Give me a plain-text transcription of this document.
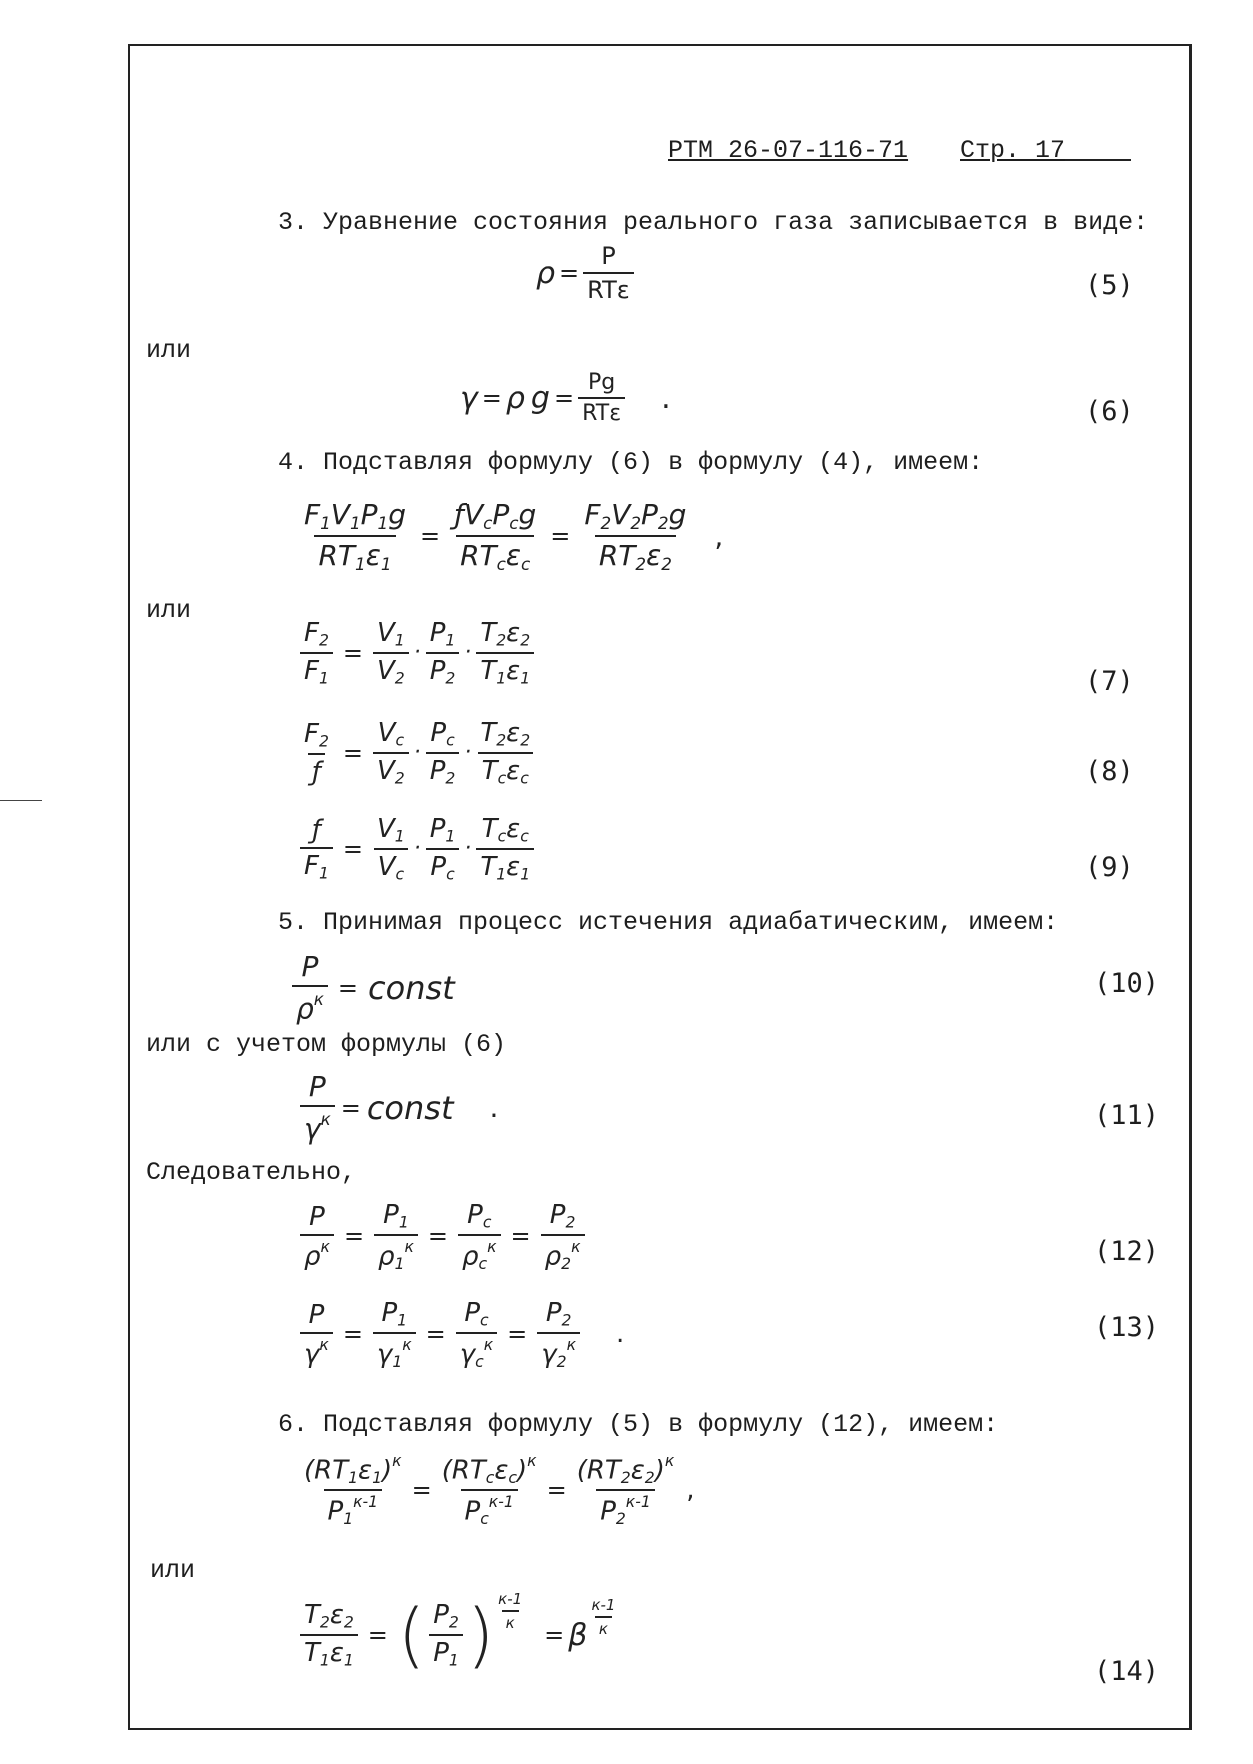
РТМ 26-07-116-71 Стр. 17
3. Уравнение состояния реального газа записывается в виде:
$\rho = \frac{P}{\text{RTε}}$	(5)
или
γ = ρ $g = \frac{Pg}{\text{RTε}}$ .	(6)
4. Подставляя формулу (6) в формулу (4), имеем:
$\frac{F_1V_1P_1g}{RT_1\varepsilon_1} = \frac{ƒV_cP_cg}{RT_c\varepsilon_c} = \frac{F_2V_2P_2g}{RT_2\varepsilon_2}$ ,
или
$\frac{F_2}{F_1} = \frac{V_1}{V_2} \cdot \frac{P_1}{P_2} \cdot \frac{T_2\varepsilon_2}{T_1\varepsilon_1}$	(7)
$\frac{F_2}{ƒ} = \frac{V_c}{V_2} \cdot \frac{P_c}{P_2} \cdot \frac{T_2\varepsilon_2}{T_c\varepsilon_c}$	(8)
$\frac{ƒ}{F_1} = \frac{V_1}{V_c} \cdot \frac{P_1}{P_c} \cdot \frac{T_c\varepsilon_c}{T_1\varepsilon_1}$	(9)
5. Принимая процесс истечения адиабатическим, имеем:
$\frac{P}{\rho^к}$ = const	(10)
или с учетом формулы (6)
$\frac{P}{\gamma^к}$ = const .	(11)
Следовательно,
$\frac{P}{\rho^к} = \frac{P_1}{\rho_1^к} = \frac{P_c}{\rho_c^к} = \frac{P_2}{\rho_2^к}$	(12)
$\frac{P}{\gamma^к} = \frac{P_1}{\gamma_1^к} = \frac{P_c}{\gamma_c^к} = \frac{P_2}{\gamma_2^к}$ .	(13)
6. Подставляя формулу (5) в формулу (12), имеем:
$\frac{(RT_1\varepsilon_1)^к}{P_1^{к-1}} = \frac{(RT_c\varepsilon_c)^к}{P_c^{к-1}} = \frac{(RT_2\varepsilon_2)^к}{P_2^{к-1}}$ ,
или
$\frac{T_2\varepsilon_2}{T_1\varepsilon_1}$ = ( $\frac{P_2}{P_1}$ ) $\frac{к-1}{к}$
= β $\frac{к-1}{к}$
(14)
